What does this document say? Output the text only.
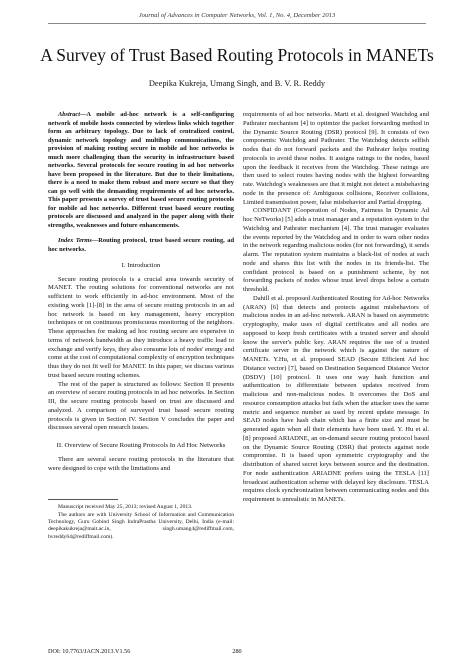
Journal of Advances in Computer Networks, Vol. 1, No. 4, December 2013
A Survey of Trust Based Routing Protocols in MANETs
Deepika Kukreja, Umang Singh, and B. V. R. Reddy

Abstract—A mobile ad-hoc network is a self-configuring network of mobile hosts connected by wireless links which together form an arbitrary topology. Due to lack of centralized control, dynamic network topology and multihop communications, the provision of making routing secure in mobile ad hoc networks is much more challenging than the security in infrastructure based networks. Several protocols for secure routing in ad hoc networks have been proposed in the literature. But due to their limitations, there is a need to make them robust and more secure so that they can go well with the demanding requirements of ad hoc networks. This paper presents a survey of trust based secure routing protocols for mobile ad hoc networks. Different trust based secure routing protocols are discussed and analyzed in the paper along with their strengths, weaknesses and future enhancements.

Index Terms—Routing protocol, trust based secure routing, ad hoc networks.

I. Introduction

Secure routing protocols is a crucial area towards security of MANET. The routing solutions for conventional networks are not sufficient to work efficiently in ad-hoc environment. Most of the existing work [1]-[8] in the area of secure routing protocols in an ad hoc network is based on key management, heavy encryption techniques or on continuous promiscuous monitoring of the neighbors. These approaches for making ad hoc routing secure are expensive in terms of network bandwidth as they introduce a heavy traffic load to exchange and verify keys, they also consume lots of nodes' energy and come at the cost of computational complexity of encryption techniques thus they do not fit well for MANET. In this paper, we discuss various trust based secure routing schemes.

The rest of the paper is structured as follows: Section II presents an overview of secure routing protocols in ad hoc networks. In Section III, the secure routing protocols based on trust are discussed and analyzed. A comparison of surveyed trust based secure routing protocols is given in Section IV. Section V concludes the paper and discusses several open research issues.

II. Overview of Secure Routing Protocols In Ad Hoc Networks

There are several secure routing protocols in the literature that were designed to cope with the limitations and

Manuscript received May 25, 2013; revised August 1, 2013.

The authors are with University School of Information and Communication Technology, Guru Gobind Singh IndraPrastha University, Delhi, India (e-mail: deepikakukreja@mait.ac.in, singh.umang4@rediffmail.com, bvreddy64@rediffmail.com).

requirements of ad hoc networks. Marti et al. designed Watchdog and Pathrater mechanism [4] to optimize the packet forwarding method in the Dynamic Source Routing (DSR) protocol [9]. It consists of two components: Watchdog and Pathrater. The Watchdog detects selfish nodes that do not forward packets and the Pathrater helps routing protocols to avoid these nodes. It assigns ratings to the nodes, based upon the feedback it receives from the Watchdog. These ratings are then used to select routes having nodes with the highest forwarding rate. Watchdog's weaknesses are that it might not detect a misbehaving node in the presence of: Ambiguous collisions, Receiver collisions, Limited transmission power, false misbehavior and Partial dropping.

CONFIDANT (Cooperation of Nodes, Fairness In Dynamic Ad hoc NeTworks) [5] adds a trust manager and a reputation system to the Watchdog and Pathrater mechanism [4]. The trust manager evaluates the events reported by the Watchdog and in order to warn other nodes in the network regarding malicious nodes (for not forwarding), it sends alarm. The reputation system maintains a black-list of nodes at each node and shares this list with the nodes in its friends-list. The confidant protocol is based on a punishment scheme, by not forwarding packets of nodes whose trust level drops below a certain threshold.

Dahill et al. proposed Authenticated Routing for Ad-hoc Networks (ARAN) [6] that detects and protects against misbehaviors of malicious nodes in an ad-hoc network. ARAN is based on asymmetric cryptography, make uses of digital certificates and all nodes are supposed to keep fresh certificates with a trusted server and should know the server's public key. ARAN requires the use of a trusted certificate server in the network which is against the nature of MANETs. Y.Hu, et al. proposed SEAD (Secure Efficient Ad hoc Distance vector) [7], based on Destination Sequenced Distance Vector (DSDV) [10] protocol. It uses one way hash function and authentication to differentiate between updates received from malicious and non-malicious nodes. It overcomes the DoS and resource consumption attacks but fails when the attacker uses the same metric and sequence number as used by recent update message. In SEAD nodes have hash chain which has a finite size and must be generated again when all their elements have been used. Y. Hu et al. [8] proposed ARIADNE, an on-demand secure routing protocol based on the Dynamic Source Routing (DSR) that protects against node compromise. It is based upon symmetric cryptography and the distribution of shared secret keys between source and the destination. For node authentication ARIADNE prefers using the TESLA [11] broadcast authentication scheme with delayed key disclosure. TESLA requires clock synchronization between communicating nodes and this requirement is unrealistic in MANETs.

DOI: 10.7763/JACN.2013.V1.56	280
